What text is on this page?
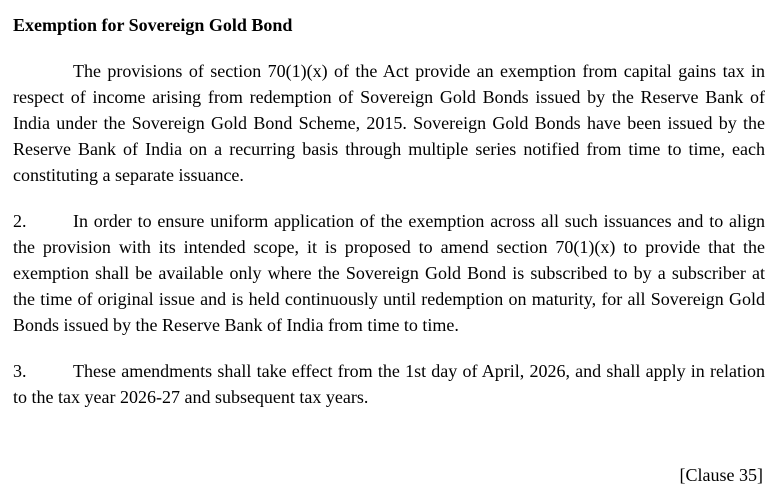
Exemption for Sovereign Gold Bond

The provisions of section 70(1)(x) of the Act provide an exemption from capital gains tax in respect of income arising from redemption of Sovereign Gold Bonds issued by the Reserve Bank of India under the Sovereign Gold Bond Scheme, 2015. Sovereign Gold Bonds have been issued by the Reserve Bank of India on a recurring basis through multiple series notified from time to time, each constituting a separate issuance.

2.	In order to ensure uniform application of the exemption across all such issuances and to align the provision with its intended scope, it is proposed to amend section 70(1)(x) to provide that the exemption shall be available only where the Sovereign Gold Bond is subscribed to by a subscriber at the time of original issue and is held continuously until redemption on maturity, for all Sovereign Gold Bonds issued by the Reserve Bank of India from time to time.

3.	These amendments shall take effect from the 1st day of April, 2026, and shall apply in relation to the tax year 2026-27 and subsequent tax years.

[Clause 35]
